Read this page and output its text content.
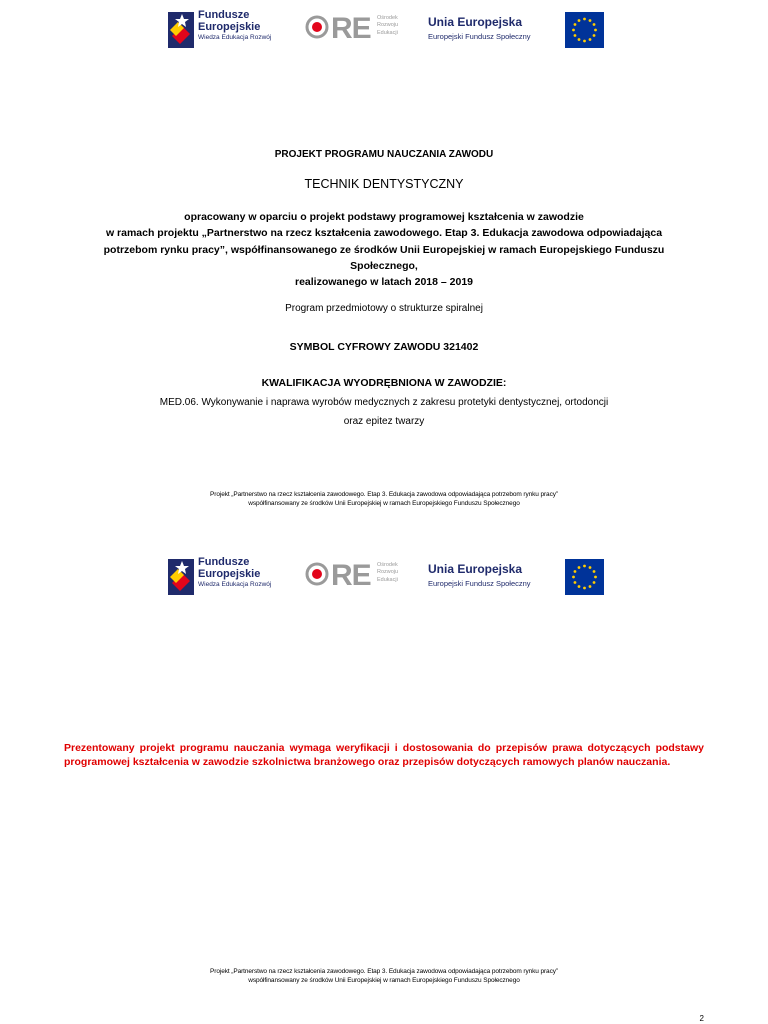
Fundusze
Europejskie
Wiedza Edukacja Rozwój RE Ośrodek
Rozwoju
Edukacji
Unia Europejska
Europejski Fundusz Społeczny
PROJEKT PROGRAMU NAUCZANIA ZAWODU
TECHNIK DENTYSTYCZNY
opracowany w oparciu o projekt podstawy programowej kształcenia w zawodzie
w ramach projektu „Partnerstwo na rzecz kształcenia zawodowego. Etap 3. Edukacja zawodowa odpowiadająca
potrzebom rynku pracy”, współfinansowanego ze środków Unii Europejskiej w ramach Europejskiego Funduszu
Społecznego,
realizowanego w latach 2018 – 2019
Program przedmiotowy o strukturze spiralnej
SYMBOL CYFROWY ZAWODU 321402
KWALIFIKACJA WYODRĘBNIONA W ZAWODZIE:
MED.06. Wykonywanie i naprawa wyrobów medycznych z zakresu protetyki dentystycznej, ortodoncji
oraz epitez twarzy
Projekt „Partnerstwo na rzecz kształcenia zawodowego. Etap 3. Edukacja zawodowa odpowiadająca potrzebom rynku pracy”
współfinansowany ze środków Unii Europejskiej w ramach Europejskiego Funduszu Społecznego
Fundusze
Europejskie
Wiedza Edukacja Rozwój RE Ośrodek
Rozwoju
Edukacji
Unia Europejska
Europejski Fundusz Społeczny
Prezentowany projekt programu nauczania wymaga weryfikacji i dostosowania do przepisów prawa dotyczących podstawy programowej kształcenia w zawodzie szkolnictwa branżowego oraz przepisów dotyczących ramowych planów nauczania.
Projekt „Partnerstwo na rzecz kształcenia zawodowego. Etap 3. Edukacja zawodowa odpowiadająca potrzebom rynku pracy”
współfinansowany ze środków Unii Europejskiej w ramach Europejskiego Funduszu Społecznego
2
